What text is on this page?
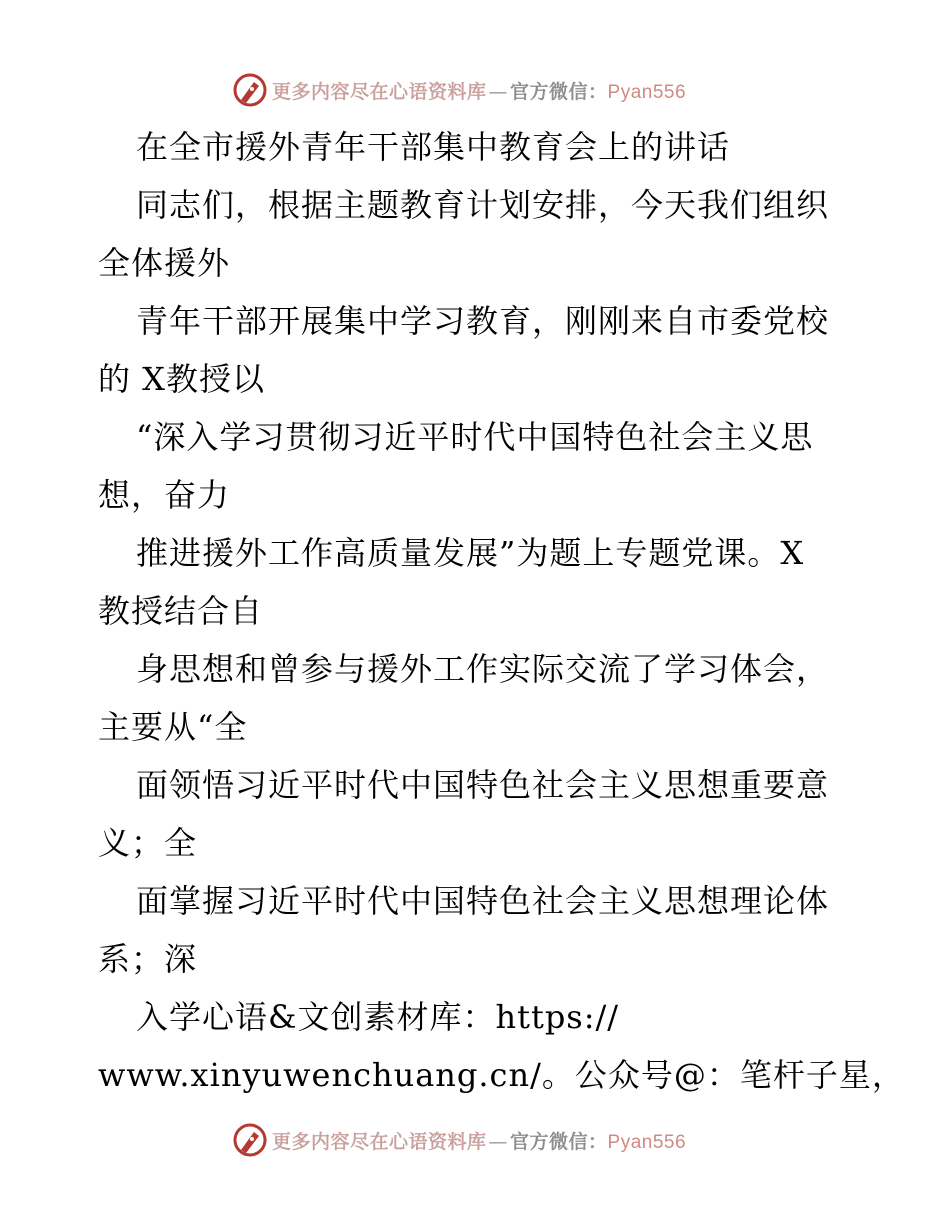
更多内容尽在心语资料库 — 官方微信：Pyan556
在全市援外青年干部集中教育会上的讲话
同志们，根据主题教育计划安排，今天我们组织
全体援外
青年干部开展集中学习教育，刚刚来自市委党校
的 X教授以
“深入学习贯彻习近平时代中国特色社会主义思
想，奋力
推进援外工作高质量发展”为题上专题党课。X
教授结合自
身思想和曾参与援外工作实际交流了学习体会，
主要从“全
面领悟习近平时代中国特色社会主义思想重要意
义；全
面掌握习近平时代中国特色社会主义思想理论体
系；深
入学心语&文创素材库：https://
www.xinyuwenchuang.cn/。公众号@：笔杆子星，
更多内容尽在心语资料库 — 官方微信：Pyan556
